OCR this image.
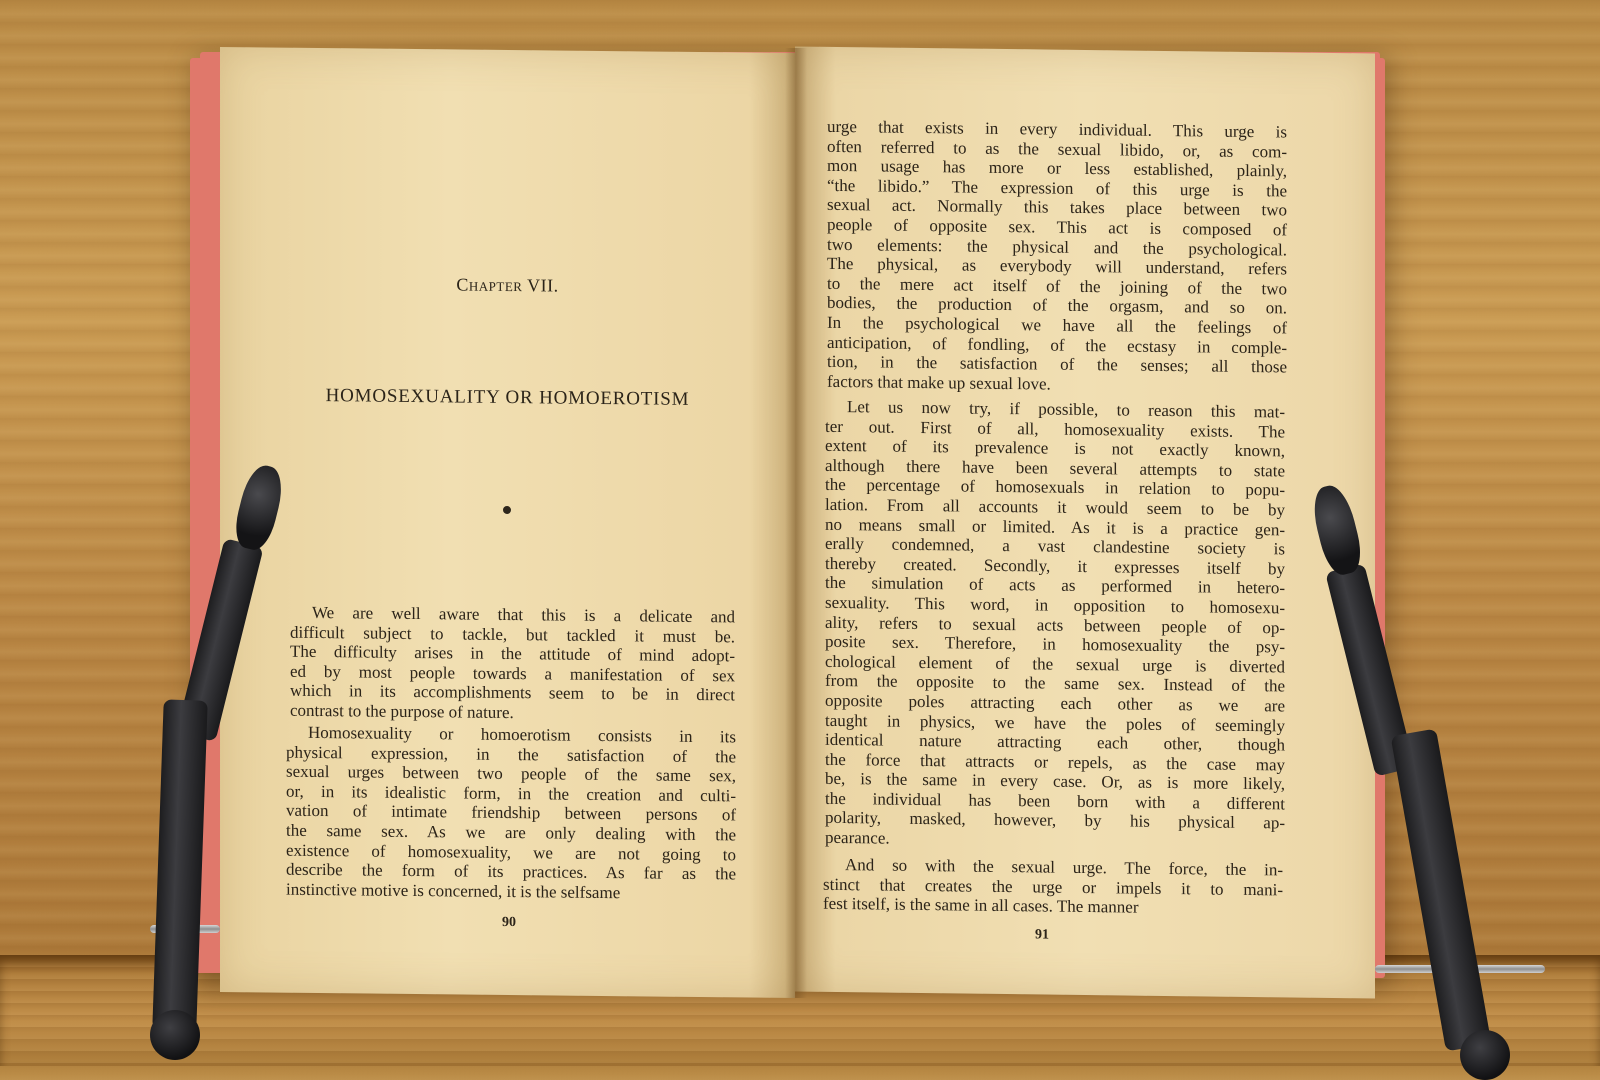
Chapter VII.
HOMOSEXUALITY OR HOMOEROTISM
We are well aware that this is a delicate and
difficult subject to tackle, but tackled it must be.
The difficulty arises in the attitude of mind adopt-
ed by most people towards a manifestation of sex
which in its accomplishments seem to be in direct
contrast to the purpose of nature.
Homosexuality or homoerotism consists in its
physical expression, in the satisfaction of the
sexual urges between two people of the same sex,
or, in its idealistic form, in the creation and culti-
vation of intimate friendship between persons of
the same sex. As we are only dealing with the
existence of homosexuality, we are not going to
describe the form of its practices. As far as the
instinctive motive is concerned, it is the selfsame
90
urge that exists in every individual. This urge is
often referred to as the sexual libido, or, as com-
mon usage has more or less established, plainly,
“the libido.” The expression of this urge is the
sexual act. Normally this takes place between two
people of opposite sex. This act is composed of
two elements: the physical and the psychological.
The physical, as everybody will understand, refers
to the mere act itself of the joining of the two
bodies, the production of the orgasm, and so on.
In the psychological we have all the feelings of
anticipation, of fondling, of the ecstasy in comple-
tion, in the satisfaction of the senses; all those
factors that make up sexual love.
Let us now try, if possible, to reason this mat-
ter out. First of all, homosexuality exists. The
extent of its prevalence is not exactly known,
although there have been several attempts to state
the percentage of homosexuals in relation to popu-
lation. From all accounts it would seem to be by
no means small or limited. As it is a practice gen-
erally condemned, a vast clandestine society is
thereby created. Secondly, it expresses itself by
the simulation of acts as performed in hetero-
sexuality. This word, in opposition to homosexu-
ality, refers to sexual acts between people of op-
posite sex. Therefore, in homosexuality the psy-
chological element of the sexual urge is diverted
from the opposite to the same sex. Instead of the
opposite poles attracting each other as we are
taught in physics, we have the poles of seemingly
identical nature attracting each other, though
the force that attracts or repels, as the case may
be, is the same in every case. Or, as is more likely,
the individual has been born with a different
polarity, masked, however, by his physical ap-
pearance.
And so with the sexual urge. The force, the in-
stinct that creates the urge or impels it to mani-
fest itself, is the same in all cases. The manner
91
